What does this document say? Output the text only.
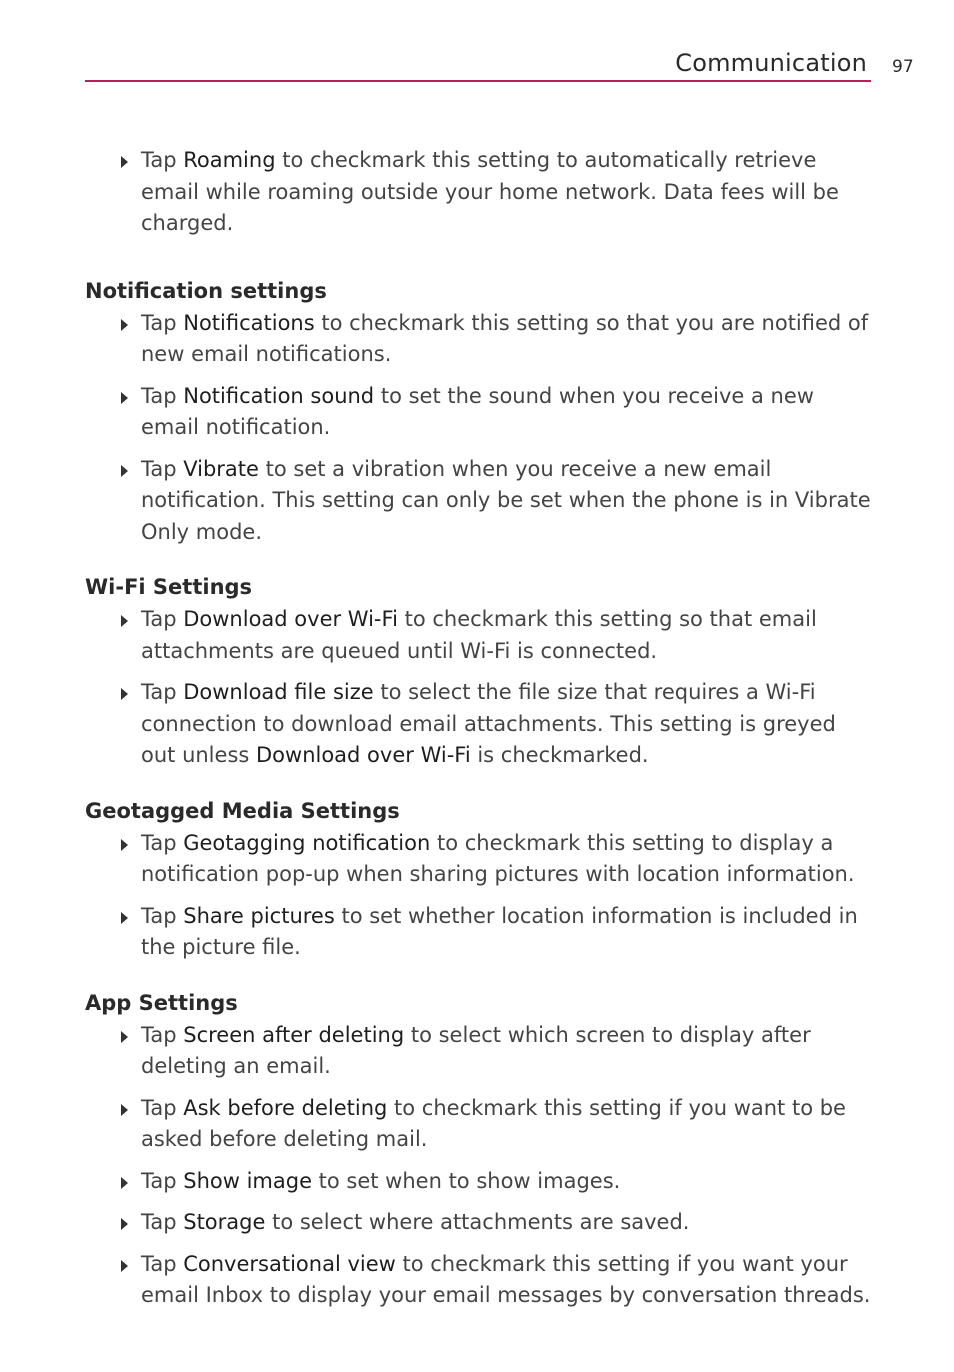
Communication 97
Tap Roaming to checkmark this setting to automatically retrieve email while roaming outside your home network. Data fees will be charged.
Notification settings
Tap Notifications to checkmark this setting so that you are notified of new email notifications.
Tap Notification sound to set the sound when you receive a new email notification.
Tap Vibrate to set a vibration when you receive a new email notification. This setting can only be set when the phone is in Vibrate Only mode.
Wi-Fi Settings
Tap Download over Wi-Fi to checkmark this setting so that email attachments are queued until Wi-Fi is connected.
Tap Download file size to select the file size that requires a Wi-Fi connection to download email attachments. This setting is greyed out unless Download over Wi-Fi is checkmarked.
Geotagged Media Settings
Tap Geotagging notification to checkmark this setting to display a notification pop-up when sharing pictures with location information.
Tap Share pictures to set whether location information is included in the picture file.
App Settings
Tap Screen after deleting to select which screen to display after deleting an email.
Tap Ask before deleting to checkmark this setting if you want to be asked before deleting mail.
Tap Show image to set when to show images.
Tap Storage to select where attachments are saved.
Tap Conversational view to checkmark this setting if you want your email Inbox to display your email messages by conversation threads.
